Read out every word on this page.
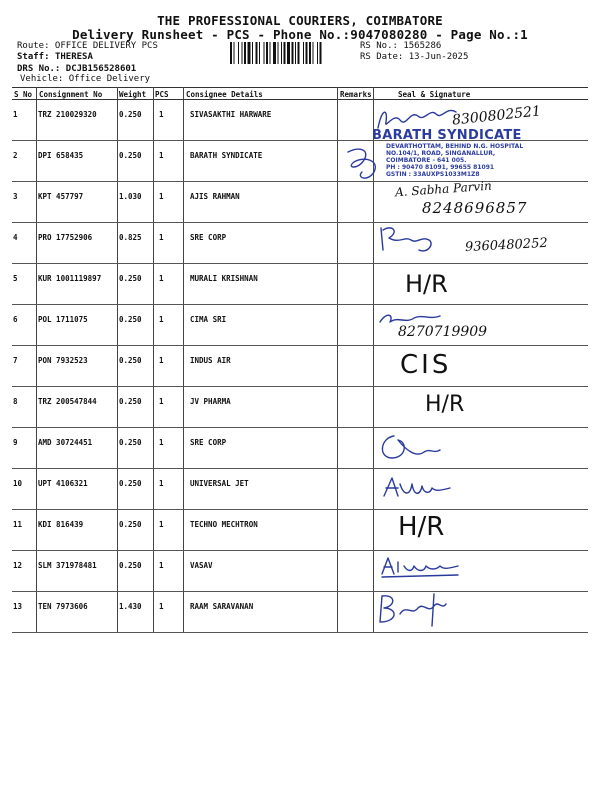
THE PROFESSIONAL COURIERS, COIMBATORE
Delivery Runsheet - PCS - Phone No.:9047080280 - Page No.:1
Route: OFFICE DELIVERY PCS
Staff: THERESA
DRS No.: DCJB156528601
Vehicle: Office Delivery
RS No.: 1565286
RS Date: 13-Jun-2025
S No Consignment No Weight PCS Consignee Details	Remarks	Seal & Signature
1	TRZ 210029320	0.250 1	SIVASAKTHI HARWARE
2	DPI 658435	0.250 1	BARATH SYNDICATE
3	KPT 457797	1.030 1	AJIS RAHMAN
4	PRO 17752906	0.825 1	SRE CORP
5	KUR 1001119897 0.250 1	MURALI KRISHNAN
6	POL 1711075	0.250 1	CIMA SRI
7	PON 7932523	0.250 1	INDUS AIR
8	TRZ 200547844	0.250 1	JV PHARMA
9	AMD 30724451	0.250 1	SRE CORP
10 UPT 4106321	0.250 1	UNIVERSAL JET
11 KDI 816439	0.250 1	TECHNO MECHTRON
12 SLM 371978481	0.250 1	VASAV
13 TEN 7973606	1.430 1	RAAM SARAVANAN
8300802521
BARATH SYNDICATE
DEVARTHOTTAM, BEHIND N.G. HOSPITAL
NO.104/1, ROAD, SINGANALLUR,
COIMBATORE - 641 005.
PH : 90470 81091, 99655 81091
GSTIN : 33AUXPS1033M1Z8
A. Sabha Parvin
8248696857
9360480252
H/R
8270719909
CIS
H/R
H/R
